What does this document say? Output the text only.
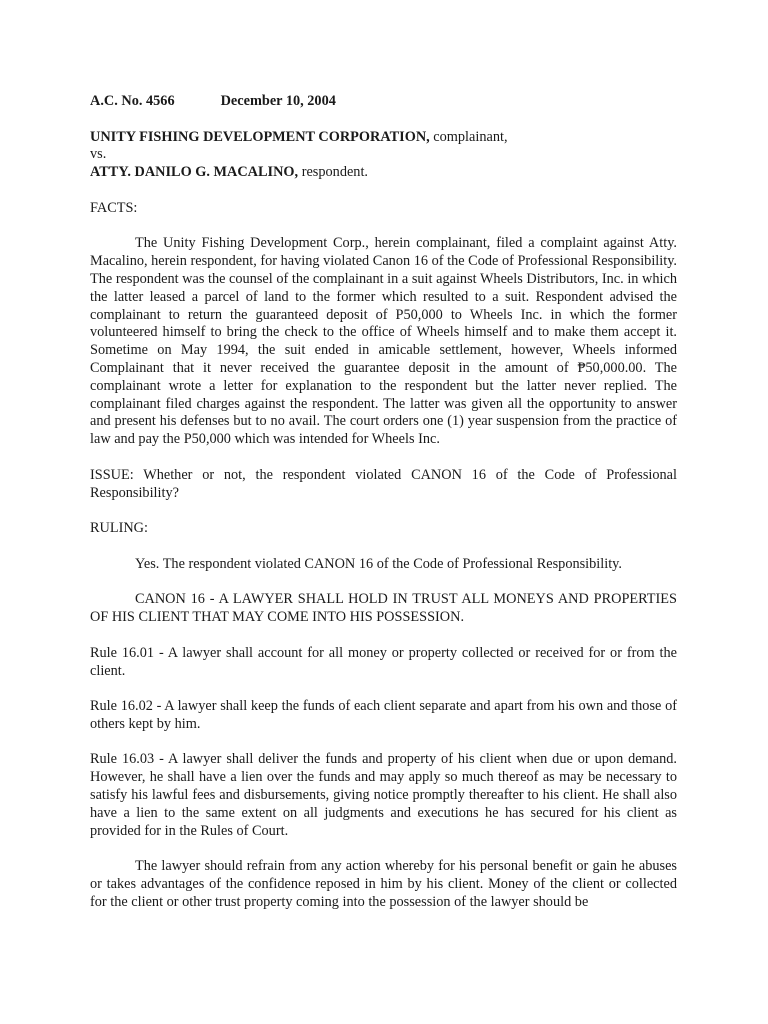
A.C. No. 4566	December 10, 2004
UNITY FISHING DEVELOPMENT CORPORATION, complainant,
vs.
ATTY. DANILO G. MACALINO, respondent.

FACTS:

The Unity Fishing Development Corp., herein complainant, filed a complaint against Atty. Macalino, herein respondent, for having violated Canon 16 of the Code of Professional Responsibility. The respondent was the counsel of the complainant in a suit against Wheels Distributors, Inc. in which the latter leased a parcel of land to the former which resulted to a suit. Respondent advised the complainant to return the guaranteed deposit of P50,000 to Wheels Inc. in which the former volunteered himself to bring the check to the office of Wheels himself and to make them accept it. Sometime on May 1994, the suit ended in amicable settlement, however, Wheels informed Complainant that it never received the guarantee deposit in the amount of ₱50,000.00. The complainant wrote a letter for explanation to the respondent but the latter never replied. The complainant filed charges against the respondent. The latter was given all the opportunity to answer and present his defenses but to no avail. The court orders one (1) year suspension from the practice of law and pay the P50,000 which was intended for Wheels Inc.

ISSUE: Whether or not, the respondent violated CANON 16 of the Code of Professional Responsibility?

RULING:

Yes. The respondent violated CANON 16 of the Code of Professional Responsibility.

CANON 16 - A LAWYER SHALL HOLD IN TRUST ALL MONEYS AND PROPERTIES OF HIS CLIENT THAT MAY COME INTO HIS POSSESSION.

Rule 16.01 - A lawyer shall account for all money or property collected or received for or from the client.

Rule 16.02 - A lawyer shall keep the funds of each client separate and apart from his own and those of others kept by him.

Rule 16.03 - A lawyer shall deliver the funds and property of his client when due or upon demand. However, he shall have a lien over the funds and may apply so much thereof as may be necessary to satisfy his lawful fees and disbursements, giving notice promptly thereafter to his client. He shall also have a lien to the same extent on all judgments and executions he has secured for his client as provided for in the Rules of Court.

The lawyer should refrain from any action whereby for his personal benefit or gain he abuses or takes advantages of the confidence reposed in him by his client. Money of the client or collected for the client or other trust property coming into the possession of the lawyer should be
